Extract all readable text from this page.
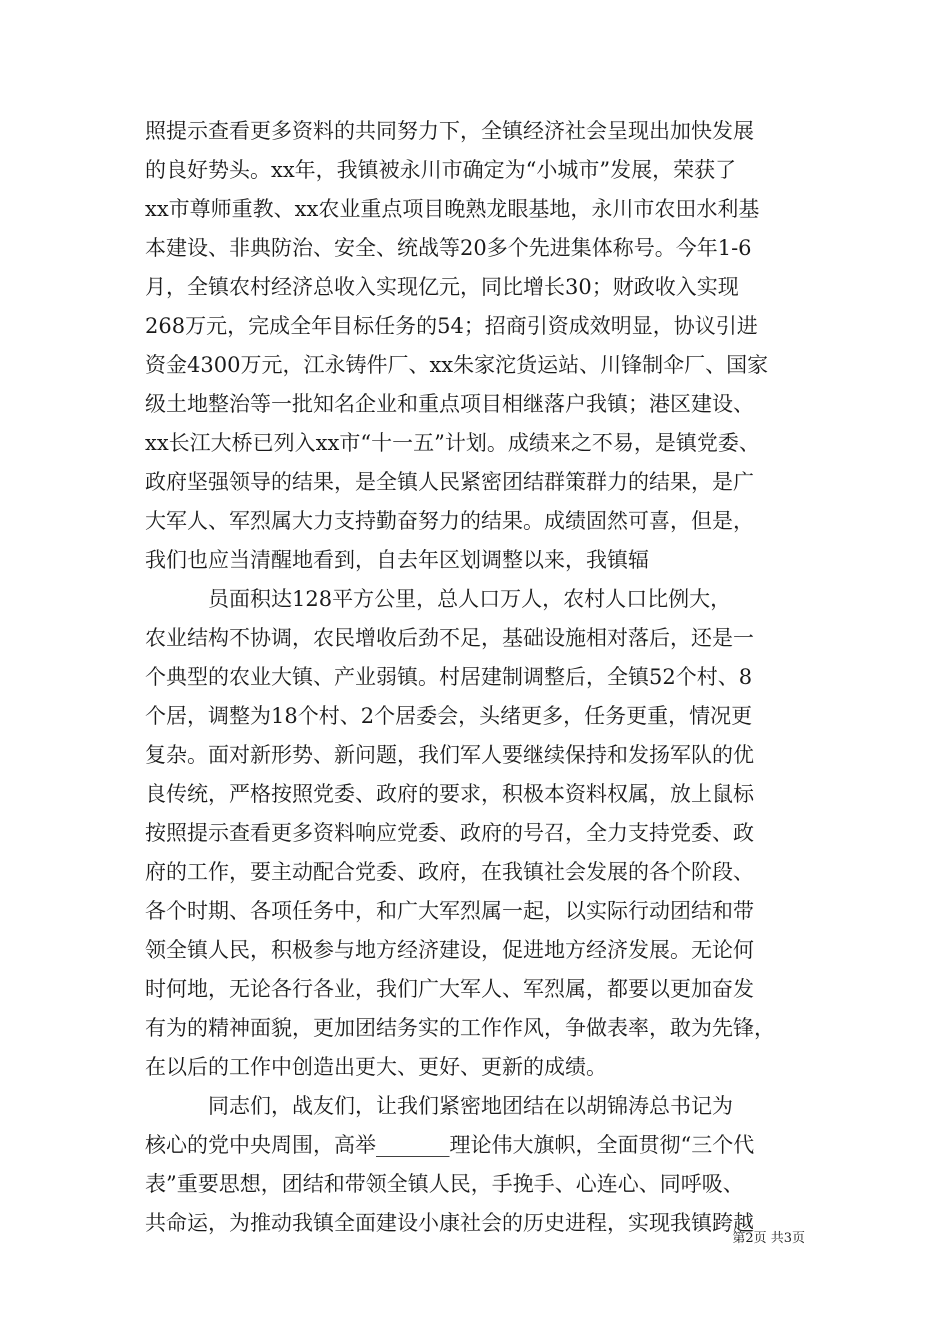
照提示查看更多资料的共同努力下，全镇经济社会呈现出加快发展
的良好势头。xx年，我镇被永川市确定为“小城市”发展，荣获了
xx市尊师重教、xx农业重点项目晚熟龙眼基地，永川市农田水利基
本建设、非典防治、安全、统战等20多个先进集体称号。今年1-6
月，全镇农村经济总收入实现亿元，同比增长30；财政收入实现
268万元，完成全年目标任务的54；招商引资成效明显，协议引进
资金4300万元，江永铸件厂、xx朱家沱货运站、川锋制伞厂、国家
级土地整治等一批知名企业和重点项目相继落户我镇；港区建设、
xx长江大桥已列入xx市“十一五”计划。成绩来之不易，是镇党委、
政府坚强领导的结果，是全镇人民紧密团结群策群力的结果，是广
大军人、军烈属大力支持勤奋努力的结果。成绩固然可喜，但是，
我们也应当清醒地看到，自去年区划调整以来，我镇辐
　　　员面积达128平方公里，总人口万人，农村人口比例大，
农业结构不协调，农民增收后劲不足，基础设施相对落后，还是一
个典型的农业大镇、产业弱镇。村居建制调整后，全镇52个村、8
个居，调整为18个村、2个居委会，头绪更多，任务更重，情况更
复杂。面对新形势、新问题，我们军人要继续保持和发扬军队的优
良传统，严格按照党委、政府的要求，积极本资料权属，放上鼠标
按照提示查看更多资料响应党委、政府的号召，全力支持党委、政
府的工作，要主动配合党委、政府，在我镇社会发展的各个阶段、
各个时期、各项任务中，和广大军烈属一起，以实际行动团结和带
领全镇人民，积极参与地方经济建设，促进地方经济发展。无论何
时何地，无论各行各业，我们广大军人、军烈属，都要以更加奋发
有为的精神面貌，更加团结务实的工作作风，争做表率，敢为先锋，
在以后的工作中创造出更大、更好、更新的成绩。
　　　同志们，战友们，让我们紧密地团结在以胡锦涛总书记为
核心的党中央周围，高举_______理论伟大旗帜，全面贯彻“三个代
表”重要思想，团结和带领全镇人民，手挽手、心连心、同呼吸、
共命运，为推动我镇全面建设小康社会的历史进程，实现我镇跨越
第2页 共3页
